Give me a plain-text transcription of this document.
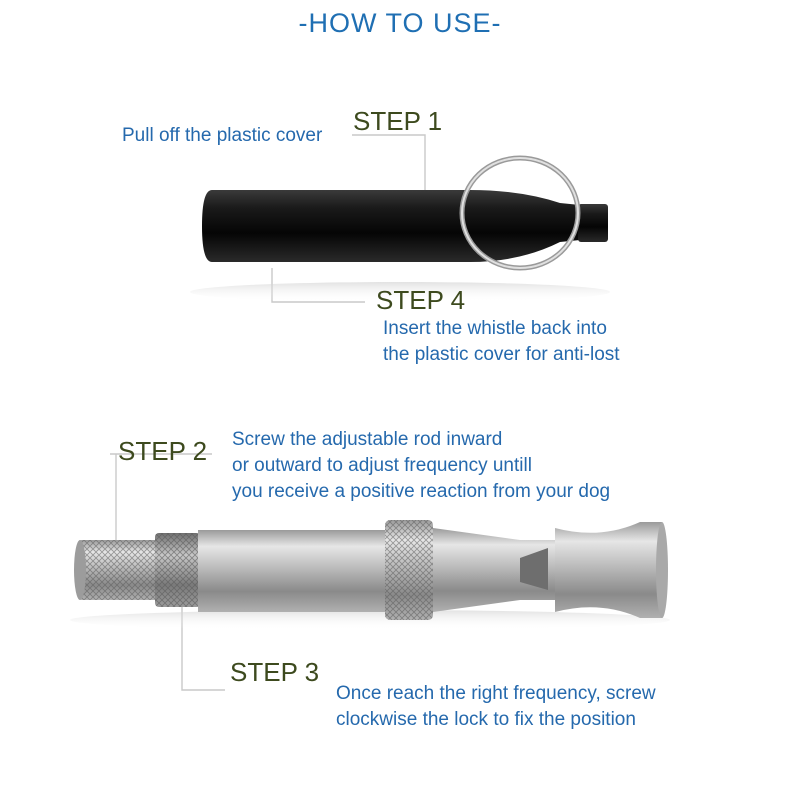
-HOW TO USE-
STEP 1
Pull off the plastic cover
STEP 4
Insert the whistle back into
the plastic cover for anti-lost
STEP 2 Screw the adjustable rod inward
or outward to adjust frequency untill
you receive a positive reaction from your dog
STEP 3
Once reach the right frequency, screw
clockwise the lock to fix the position
